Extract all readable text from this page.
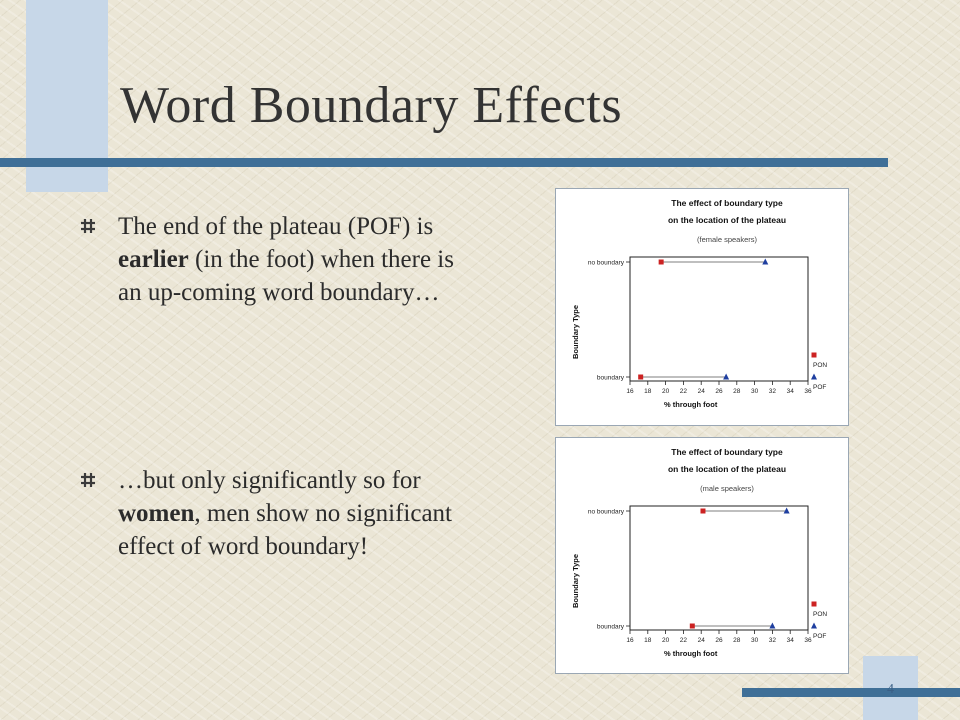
Word Boundary Effects
The end of the plateau (POF) is earlier (in the foot) when there is an up-coming word boundary…
…but only significantly so for women, men show no significant effect of word boundary!
The effect of boundary type
on the location of the plateau
(female speakers)
16 18 20 22 24 26 28 30 32 34 36
no boundary
boundary
% through foot
Boundary Type
PON
POF
The effect of boundary type
on the location of the plateau
(male speakers)
16 18 20 22 24 26 28 30 32 34 36
no boundary
boundary
% through foot
Boundary Type
PON
POF
4
